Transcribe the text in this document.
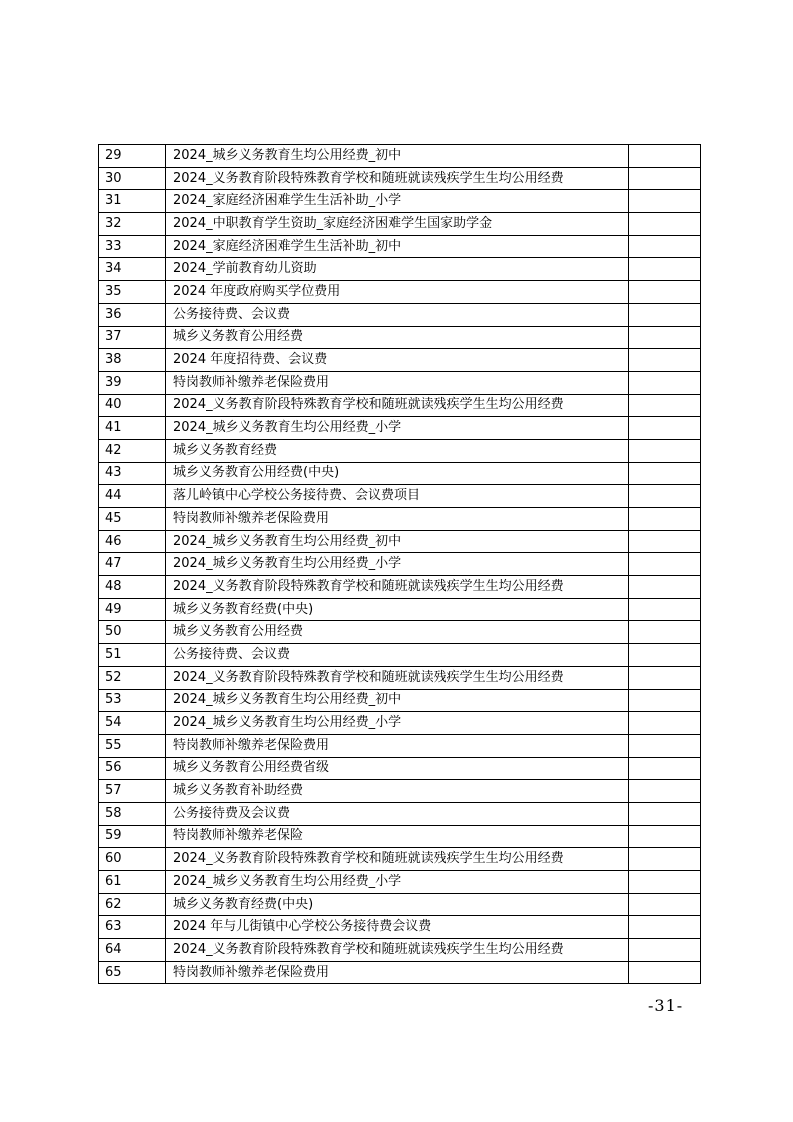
29	2024_城乡义务教育生均公用经费_初中	
30	2024_义务教育阶段特殊教育学校和随班就读残疾学生生均公用经费	
31	2024_家庭经济困难学生生活补助_小学	
32	2024_中职教育学生资助_家庭经济困难学生国家助学金	
33	2024_家庭经济困难学生生活补助_初中	
34	2024_学前教育幼儿资助	
35	2024 年度政府购买学位费用	
36	公务接待费、会议费	
37	城乡义务教育公用经费	
38	2024 年度招待费、会议费	
39	特岗教师补缴养老保险费用	
40	2024_义务教育阶段特殊教育学校和随班就读残疾学生生均公用经费	
41	2024_城乡义务教育生均公用经费_小学	
42	城乡义务教育经费	
43	城乡义务教育公用经费(中央)	
44	落儿岭镇中心学校公务接待费、会议费项目	
45	特岗教师补缴养老保险费用	
46	2024_城乡义务教育生均公用经费_初中	
47	2024_城乡义务教育生均公用经费_小学	
48	2024_义务教育阶段特殊教育学校和随班就读残疾学生生均公用经费	
49	城乡义务教育经费(中央)	
50	城乡义务教育公用经费	
51	公务接待费、会议费	
52	2024_义务教育阶段特殊教育学校和随班就读残疾学生生均公用经费	
53	2024_城乡义务教育生均公用经费_初中	
54	2024_城乡义务教育生均公用经费_小学	
55	特岗教师补缴养老保险费用	
56	城乡义务教育公用经费省级	
57	城乡义务教育补助经费	
58	公务接待费及会议费	
59	特岗教师补缴养老保险	
60	2024_义务教育阶段特殊教育学校和随班就读残疾学生生均公用经费	
61	2024_城乡义务教育生均公用经费_小学	
62	城乡义务教育经费(中央)	
63	2024 年与儿街镇中心学校公务接待费会议费	
64	2024_义务教育阶段特殊教育学校和随班就读残疾学生生均公用经费	
65	特岗教师补缴养老保险费用	
-31-
